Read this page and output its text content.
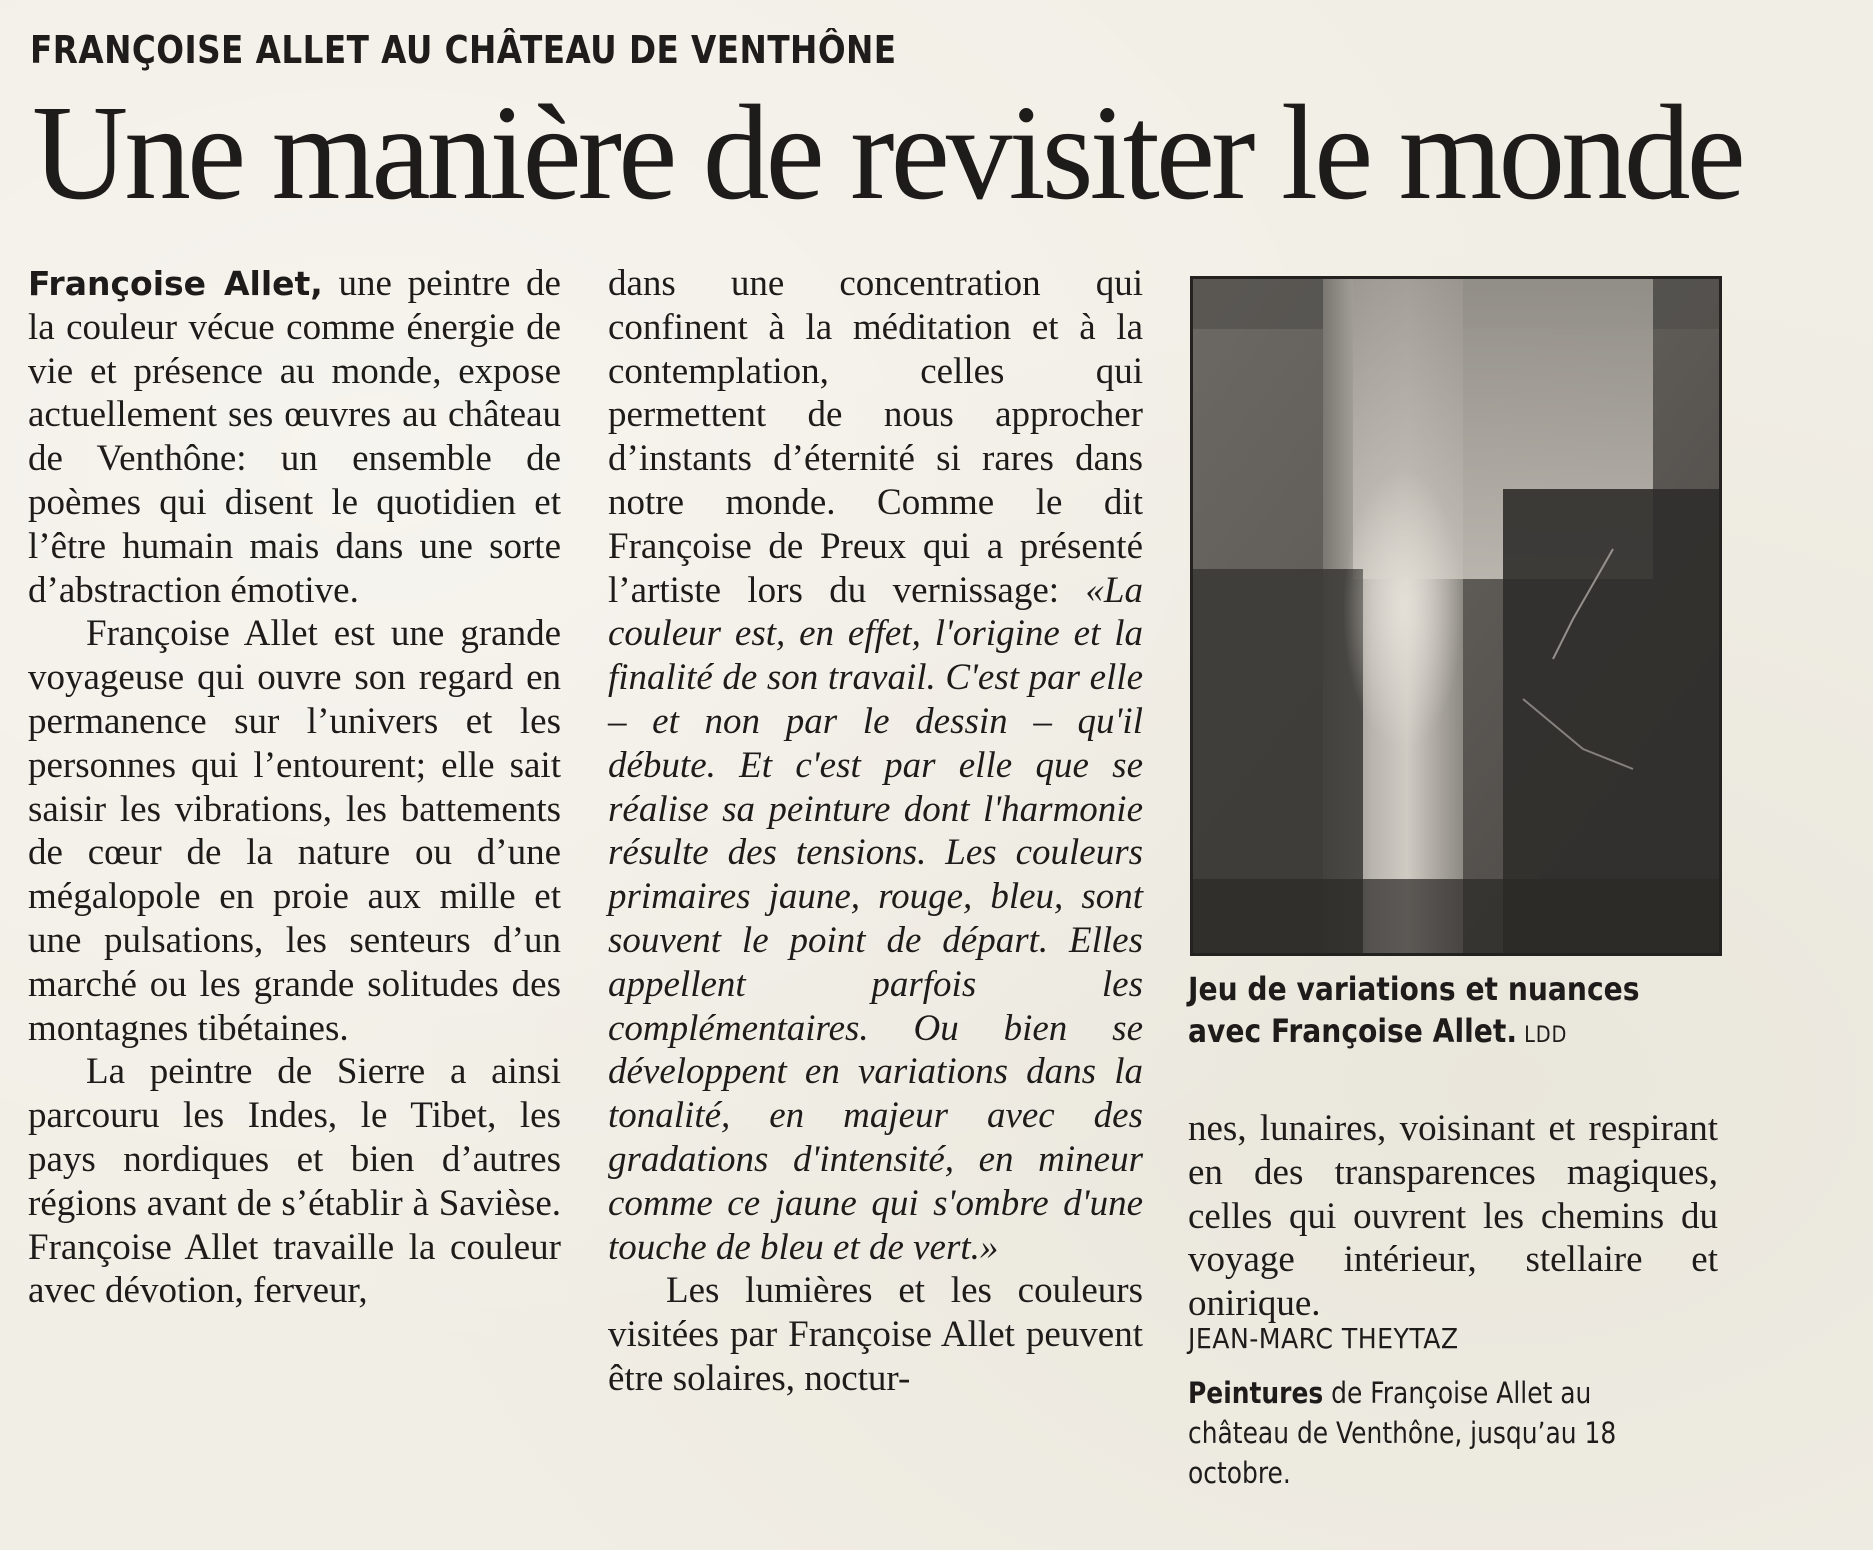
FRANÇOISE ALLET AU CHÂTEAU DE VENTHÔNE
Une manière de revisiter le monde

Françoise Allet, une peintre de la couleur vécue comme énergie de vie et présence au monde, expose actuellement ses œuvres au château de Venthône: un ensemble de poèmes qui disent le quotidien et l’être humain mais dans une sorte d’abstraction émotive.

Françoise Allet est une grande voyageuse qui ouvre son regard en permanence sur l’univers et les personnes qui l’entourent; elle sait saisir les vibrations, les battements de cœur de la nature ou d’une mégalopole en proie aux mille et une pulsations, les senteurs d’un marché ou les grande solitudes des montagnes tibétaines.

La peintre de Sierre a ainsi parcouru les Indes, le Tibet, les pays nordiques et bien d’autres régions avant de s’établir à Savièse. Françoise Allet travaille la couleur avec dévotion, ferveur,

dans une concentration qui confinent à la méditation et à la contemplation, celles qui permettent de nous approcher d’instants d’éternité si rares dans notre monde. Comme le dit Françoise de Preux qui a présenté l’artiste lors du vernissage: «La couleur est, en effet, l'origine et la finalité de son travail. C'est par elle – et non par le dessin – qu'il débute. Et c'est par elle que se réalise sa peinture dont l'harmonie résulte des tensions. Les couleurs primaires jaune, rouge, bleu, sont souvent le point de départ. Elles appellent parfois les complémentaires. Ou bien se développent en variations dans la tonalité, en majeur avec des gradations d'intensité, en mineur comme ce jaune qui s'ombre d'une touche de bleu et de vert.»

Les lumières et les couleurs visitées par Françoise Allet peuvent être solaires, noctur-

Jeu de variations et nuances avec Françoise Allet. LDD

nes, lunaires, voisinant et respirant en des transparences magiques, celles qui ouvrent les chemins du voyage intérieur, stellaire et onirique.

JEAN-MARC THEYTAZ
Peintures de Françoise Allet au château de Venthône, jusqu’au 18 octobre.
